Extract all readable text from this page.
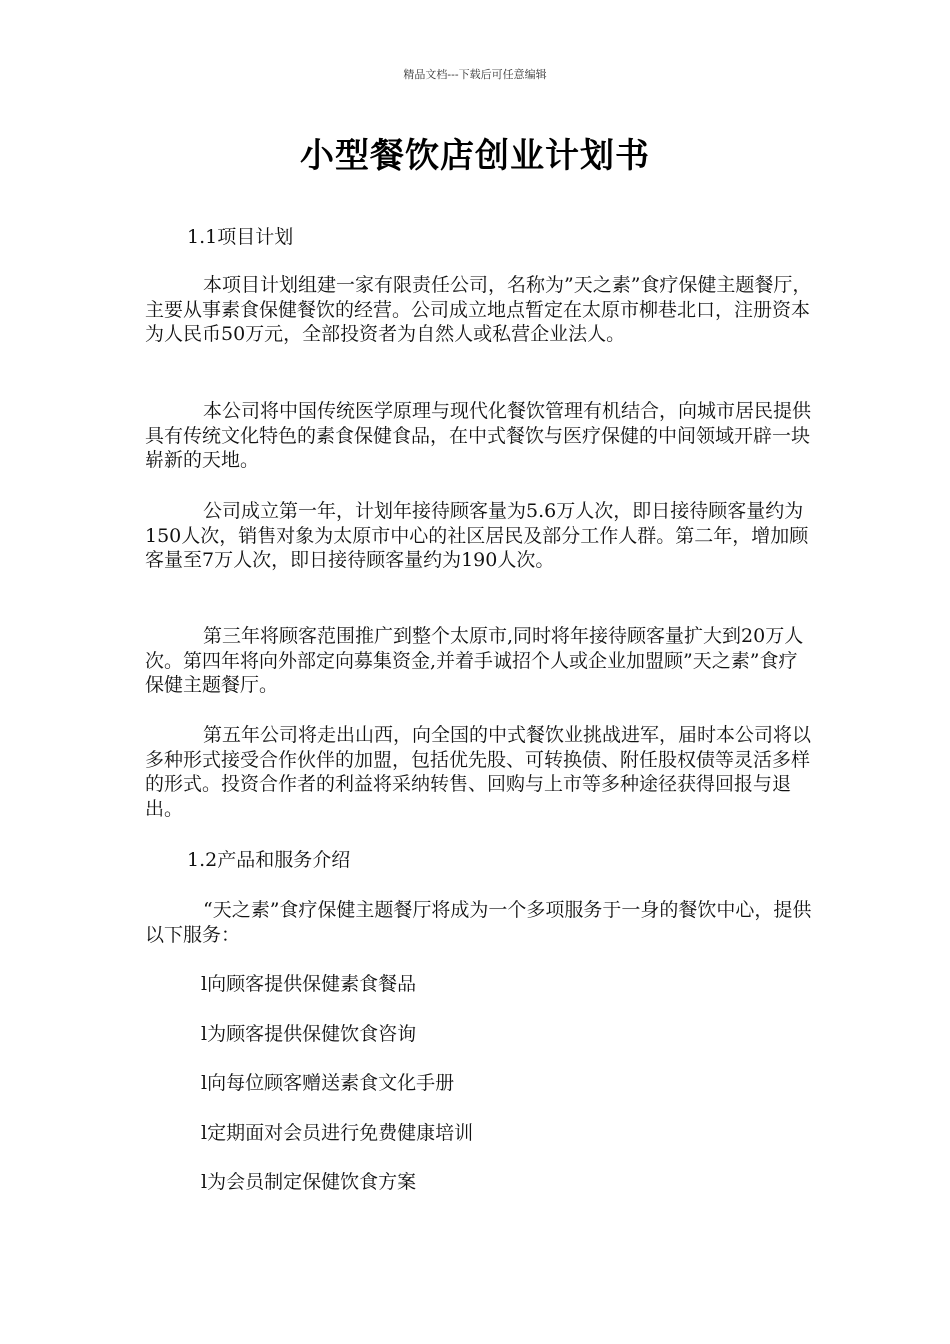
精品文档---下载后可任意编辑
小型餐饮店创业计划书

1.1项目计划

本项目计划组建一家有限责任公司，名称为”天之素”食疗保健主题餐厅，主要从事素食保健餐饮的经营。公司成立地点暂定在太原市柳巷北口，注册资本为人民币50万元，全部投资者为自然人或私营企业法人。

本公司将中国传统医学原理与现代化餐饮管理有机结合，向城市居民提供具有传统文化特色的素食保健食品，在中式餐饮与医疗保健的中间领域开辟一块崭新的天地。

公司成立第一年，计划年接待顾客量为5.6万人次，即日接待顾客量约为150人次，销售对象为太原市中心的社区居民及部分工作人群。第二年，增加顾客量至7万人次，即日接待顾客量约为190人次。

第三年将顾客范围推广到整个太原市,同时将年接待顾客量扩大到20万人次。第四年将向外部定向募集资金,并着手诚招个人或企业加盟顾”天之素”食疗保健主题餐厅。

第五年公司将走出山西，向全国的中式餐饮业挑战进军，届时本公司将以多种形式接受合作伙伴的加盟，包括优先股、可转换债、附任股权债等灵活多样的形式。投资合作者的利益将采纳转售、回购与上市等多种途径获得回报与退出。

1.2产品和服务介绍

“天之素”食疗保健主题餐厅将成为一个多项服务于一身的餐饮中心，提供以下服务：

l向顾客提供保健素食餐品

l为顾客提供保健饮食咨询

l向每位顾客赠送素食文化手册

l定期面对会员进行免费健康培训

l为会员制定保健饮食方案
